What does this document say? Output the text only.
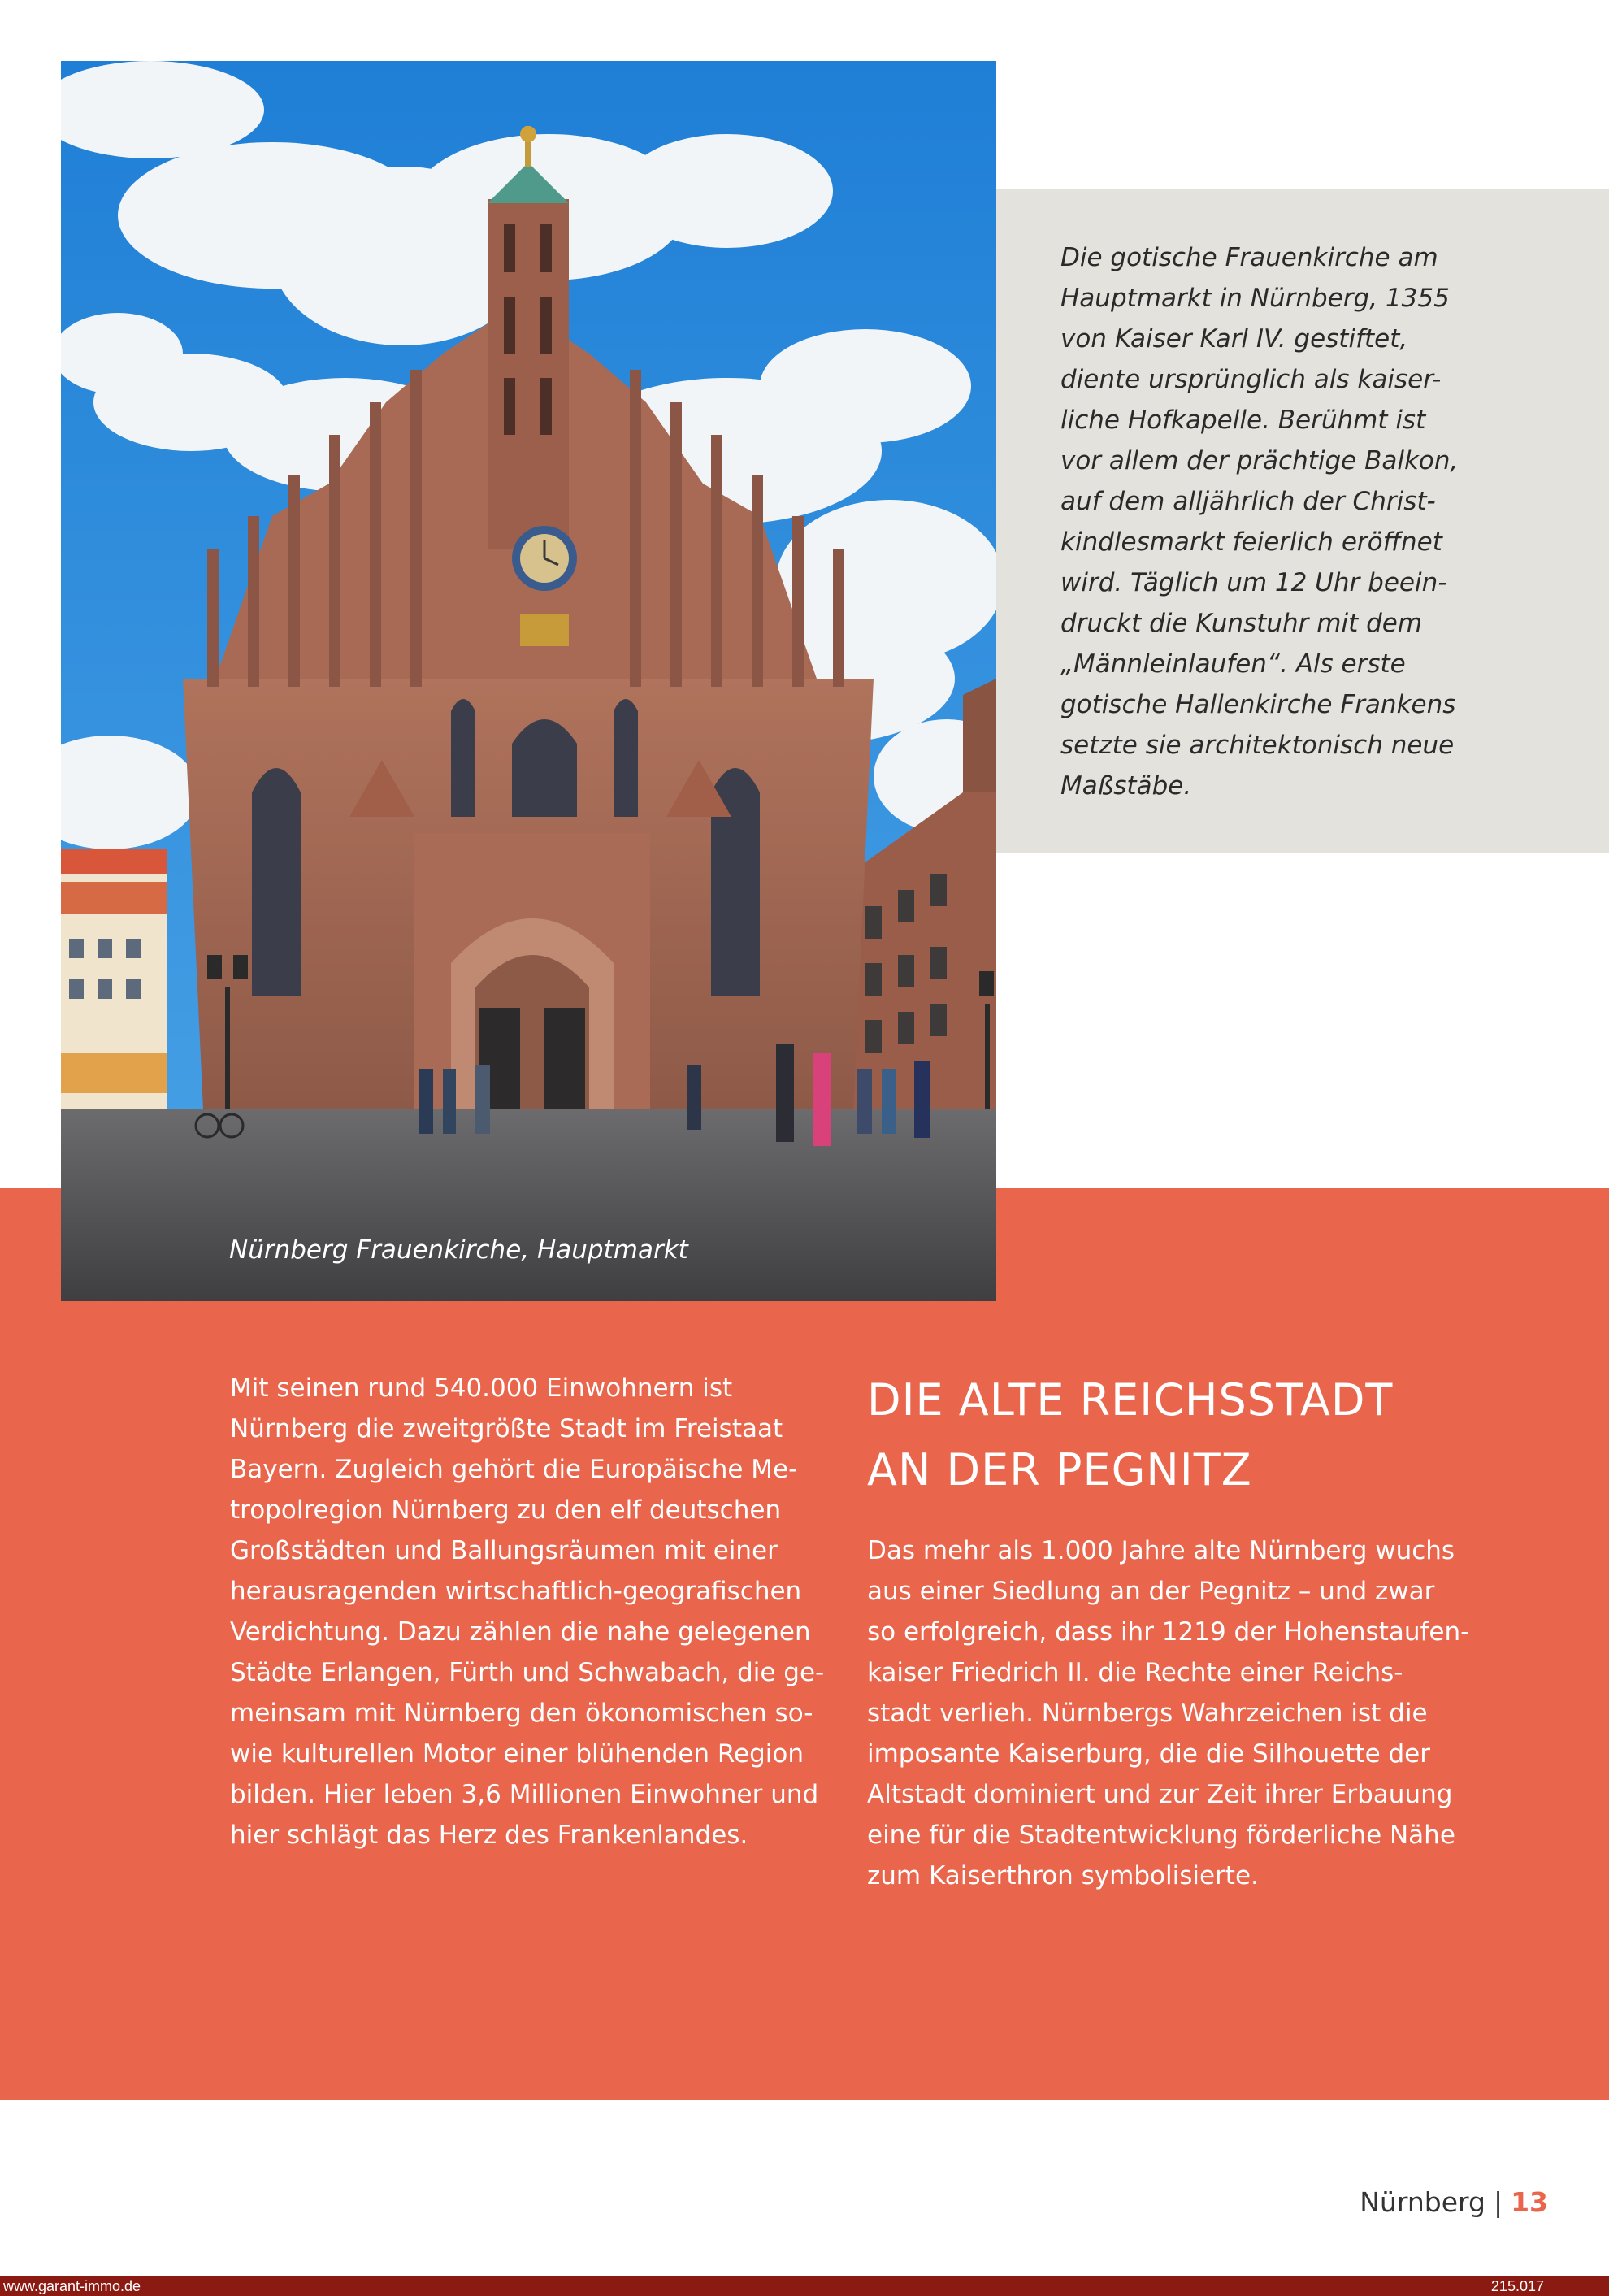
Die gotische Frauenkirche am
Hauptmarkt in Nürnberg, 1355
von Kaiser Karl IV. gestiftet,
diente ursprünglich als kaiser-
liche Hofkapelle. Berühmt ist
vor allem der prächtige Balkon,
auf dem alljährlich der Christ-
kindlesmarkt feierlich eröffnet
wird. Täglich um 12 Uhr beein-
druckt die Kunstuhr mit dem
„Männleinlaufen“. Als erste
gotische Hallenkirche Frankens
setzte sie architektonisch neue
Maßstäbe.
Nürnberg Frauenkirche, Hauptmarkt
Mit seinen rund 540.000 Einwohnern ist
Nürnberg die zweitgrößte Stadt im Freistaat
Bayern. Zugleich gehört die Europäische Me-
tropolregion Nürnberg zu den elf deutschen
Großstädten und Ballungsräumen mit einer
herausragenden wirtschaftlich-geografischen
Verdichtung. Dazu zählen die nahe gelegenen
Städte Erlangen, Fürth und Schwabach, die ge-
meinsam mit Nürnberg den ökonomischen so-
wie kulturellen Motor einer blühenden Region
bilden. Hier leben 3,6 Millionen Einwohner und
hier schlägt das Herz des Frankenlandes.
DIE ALTE REICHSSTADT
AN DER PEGNITZ
Das mehr als 1.000 Jahre alte Nürnberg wuchs
aus einer Siedlung an der Pegnitz – und zwar
so erfolgreich, dass ihr 1219 der Hohenstaufen-
kaiser Friedrich II. die Rechte einer Reichs-
stadt verlieh. Nürnbergs Wahrzeichen ist die
imposante Kaiserburg, die die Silhouette der
Altstadt dominiert und zur Zeit ihrer Erbauung
eine für die Stadtentwicklung förderliche Nähe
zum Kaiserthron symbolisierte.
Nürnberg | 13
www.garant-immo.de	215.017
